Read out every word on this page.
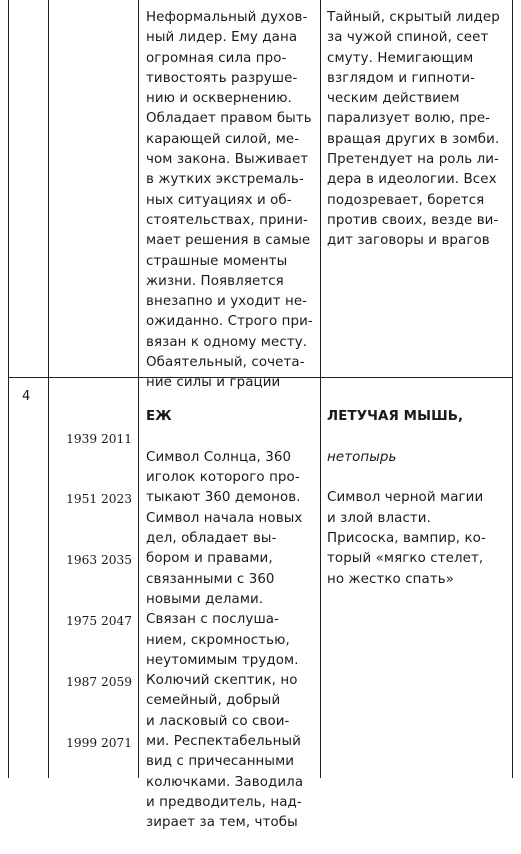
Неформальный духов-
ный лидер. Ему дана
огромная сила про-
тивостоять разруше-
нию и осквернению.
Обладает правом быть
карающей силой, ме-
чом закона. Выживает
в жутких экстремаль-
ных ситуациях и об-
стоятельствах, прини-
мает решения в самые
страшные моменты
жизни. Появляется
внезапно и уходит не-
ожиданно. Строго при-
вязан к одному месту.
Обаятельный, сочета-
ние силы и грации
Тайный, скрытый лидер
за чужой спиной, сеет
смуту. Немигающим
взглядом и гипноти-
ческим действием
парализует волю, пре-
вращая других в зомби.
Претендует на роль ли-
дера в идеологии. Всех
подозревает, борется
против своих, везде ви-
дит заговоры и врагов
4

1939 2011

1951 2023

1963 2035

1975 2047

1987 2059

1999 2071

ЕЖ

Символ Солнца, 360
иголок которого про-
тыкают 360 демонов.
Символ начала новых
дел, обладает вы-
бором и правами,
связанными с 360
новыми делами.
Связан с послуша-
нием, скромностью,
неутомимым трудом.
Колючий скептик, но
семейный, добрый
и ласковый со свои-
ми. Респектабельный
вид с причесанными
колючками. Заводила
и предводитель, над-
зирает за тем, чтобы

ЛЕТУЧАЯ МЫШЬ,

нетопырь

Символ черной магии
и злой власти.
Присоска, вампир, ко-
торый «мягко стелет,
но жестко спать»
